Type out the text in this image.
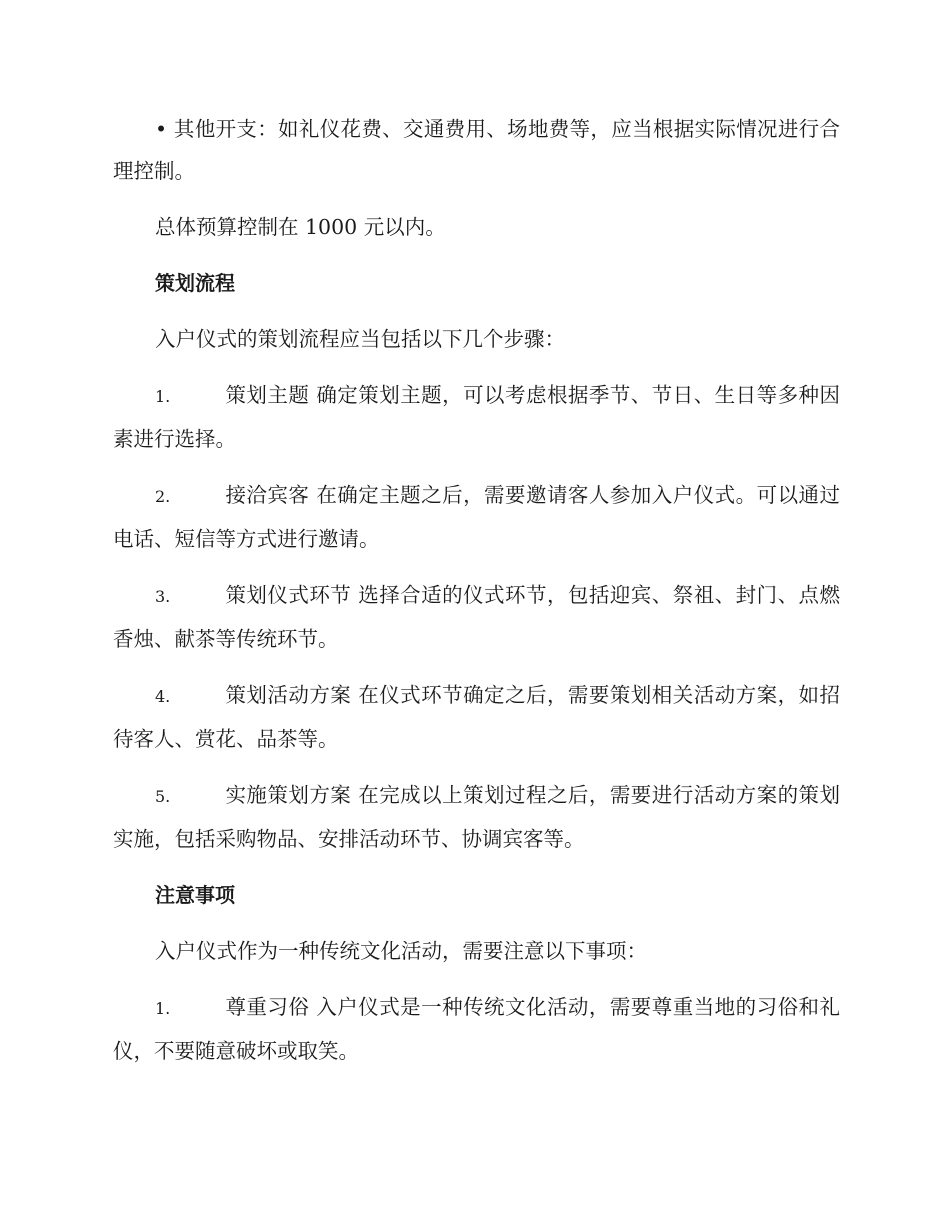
• 其他开支：如礼仪花费、交通费用、场地费等，应当根据实际情况进行合理控制。

总体预算控制在 1000 元以内。

策划流程

入户仪式的策划流程应当包括以下几个步骤：

1.	策划主题 确定策划主题，可以考虑根据季节、节日、生日等多种因素进行选择。
2.	接洽宾客 在确定主题之后，需要邀请客人参加入户仪式。可以通过电话、短信等方式进行邀请。
3.	策划仪式环节 选择合适的仪式环节，包括迎宾、祭祖、封门、点燃香烛、献茶等传统环节。
4.	策划活动方案 在仪式环节确定之后，需要策划相关活动方案，如招待客人、赏花、品茶等。
5.	实施策划方案 在完成以上策划过程之后，需要进行活动方案的策划实施，包括采购物品、安排活动环节、协调宾客等。
注意事项

入户仪式作为一种传统文化活动，需要注意以下事项：

1.	尊重习俗 入户仪式是一种传统文化活动，需要尊重当地的习俗和礼仪，不要随意破坏或取笑。
